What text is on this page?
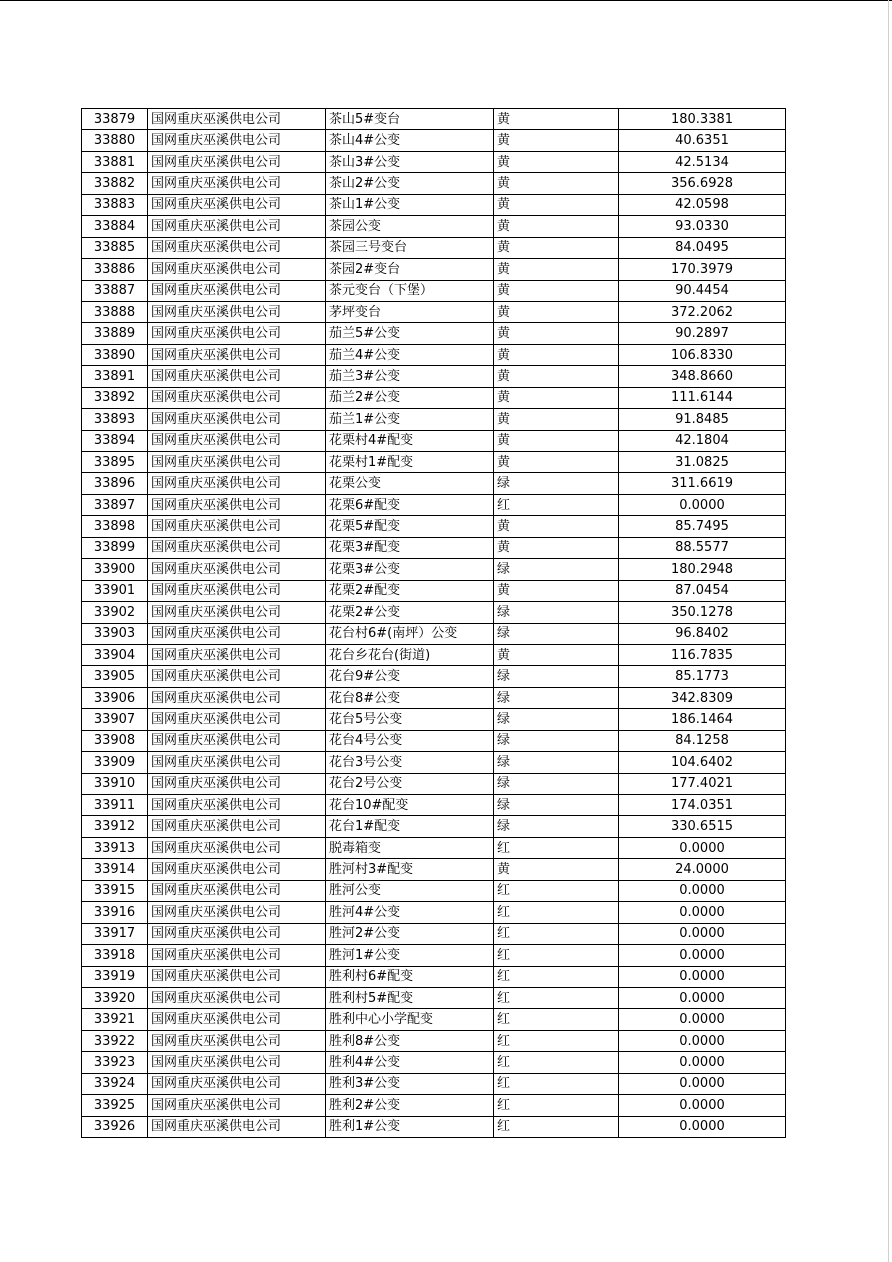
33879	国网重庆巫溪供电公司	茶山5#变台	黄	180.3381
33880	国网重庆巫溪供电公司	茶山4#公变	黄	40.6351
33881	国网重庆巫溪供电公司	茶山3#公变	黄	42.5134
33882	国网重庆巫溪供电公司	茶山2#公变	黄	356.6928
33883	国网重庆巫溪供电公司	茶山1#公变	黄	42.0598
33884	国网重庆巫溪供电公司	茶园公变	黄	93.0330
33885	国网重庆巫溪供电公司	茶园三号变台	黄	84.0495
33886	国网重庆巫溪供电公司	茶园2#变台	黄	170.3979
33887	国网重庆巫溪供电公司	茶元变台（下堡）	黄	90.4454
33888	国网重庆巫溪供电公司	茅坪变台	黄	372.2062
33889	国网重庆巫溪供电公司	茄兰5#公变	黄	90.2897
33890	国网重庆巫溪供电公司	茄兰4#公变	黄	106.8330
33891	国网重庆巫溪供电公司	茄兰3#公变	黄	348.8660
33892	国网重庆巫溪供电公司	茄兰2#公变	黄	111.6144
33893	国网重庆巫溪供电公司	茄兰1#公变	黄	91.8485
33894	国网重庆巫溪供电公司	花栗村4#配变	黄	42.1804
33895	国网重庆巫溪供电公司	花栗村1#配变	黄	31.0825
33896	国网重庆巫溪供电公司	花栗公变	绿	311.6619
33897	国网重庆巫溪供电公司	花栗6#配变	红	0.0000
33898	国网重庆巫溪供电公司	花栗5#配变	黄	85.7495
33899	国网重庆巫溪供电公司	花栗3#配变	黄	88.5577
33900	国网重庆巫溪供电公司	花栗3#公变	绿	180.2948
33901	国网重庆巫溪供电公司	花栗2#配变	黄	87.0454
33902	国网重庆巫溪供电公司	花栗2#公变	绿	350.1278
33903	国网重庆巫溪供电公司	花台村6#(南坪）公变	绿	96.8402
33904	国网重庆巫溪供电公司	花台乡花台(街道)	黄	116.7835
33905	国网重庆巫溪供电公司	花台9#公变	绿	85.1773
33906	国网重庆巫溪供电公司	花台8#公变	绿	342.8309
33907	国网重庆巫溪供电公司	花台5号公变	绿	186.1464
33908	国网重庆巫溪供电公司	花台4号公变	绿	84.1258
33909	国网重庆巫溪供电公司	花台3号公变	绿	104.6402
33910	国网重庆巫溪供电公司	花台2号公变	绿	177.4021
33911	国网重庆巫溪供电公司	花台10#配变	绿	174.0351
33912	国网重庆巫溪供电公司	花台1#配变	绿	330.6515
33913	国网重庆巫溪供电公司	脱毒箱变	红	0.0000
33914	国网重庆巫溪供电公司	胜河村3#配变	黄	24.0000
33915	国网重庆巫溪供电公司	胜河公变	红	0.0000
33916	国网重庆巫溪供电公司	胜河4#公变	红	0.0000
33917	国网重庆巫溪供电公司	胜河2#公变	红	0.0000
33918	国网重庆巫溪供电公司	胜河1#公变	红	0.0000
33919	国网重庆巫溪供电公司	胜利村6#配变	红	0.0000
33920	国网重庆巫溪供电公司	胜利村5#配变	红	0.0000
33921	国网重庆巫溪供电公司	胜利中心小学配变	红	0.0000
33922	国网重庆巫溪供电公司	胜利8#公变	红	0.0000
33923	国网重庆巫溪供电公司	胜利4#公变	红	0.0000
33924	国网重庆巫溪供电公司	胜利3#公变	红	0.0000
33925	国网重庆巫溪供电公司	胜利2#公变	红	0.0000
33926	国网重庆巫溪供电公司	胜利1#公变	红	0.0000
